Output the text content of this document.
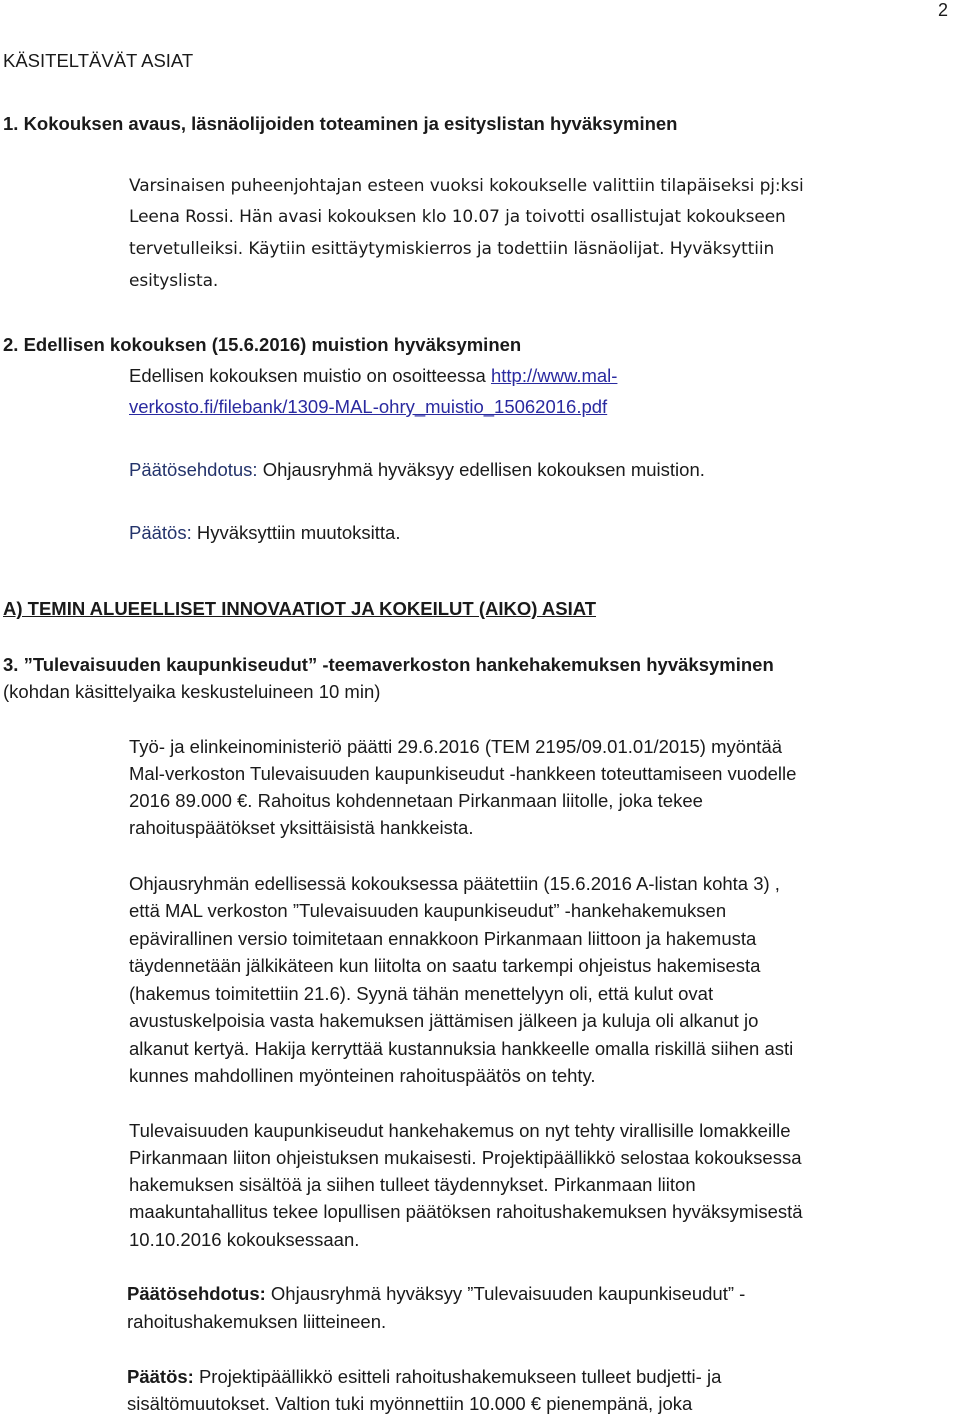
2
KÄSITELTÄVÄT ASIAT
1. Kokouksen avaus, läsnäolijoiden toteaminen ja esityslistan hyväksyminen
Varsinaisen puheenjohtajan esteen vuoksi kokoukselle valittiin tilapäiseksi pj:ksi
Leena Rossi. Hän avasi kokouksen klo 10.07 ja toivotti osallistujat kokoukseen
tervetulleiksi. Käytiin esittäytymiskierros ja todettiin läsnäolijat. Hyväksyttiin
esityslista.
2. Edellisen kokouksen (15.6.2016) muistion hyväksyminen
Edellisen kokouksen muistio on osoitteessa http://www.mal-
verkosto.fi/filebank/1309-MAL-ohry_muistio_15062016.pdf
Päätösehdotus: Ohjausryhmä hyväksyy edellisen kokouksen muistion.
Päätös: Hyväksyttiin muutoksitta.
A) TEMIN ALUEELLISET INNOVAATIOT JA KOKEILUT (AIKO) ASIAT
3. ”Tulevaisuuden kaupunkiseudut” -teemaverkoston hankehakemuksen hyväksyminen
(kohdan käsittelyaika keskusteluineen 10 min)
Työ- ja elinkeinoministeriö päätti 29.6.2016 (TEM 2195/09.01.01/2015) myöntää
Mal-verkoston Tulevaisuuden kaupunkiseudut -hankkeen toteuttamiseen vuodelle
2016 89.000 €. Rahoitus kohdennetaan Pirkanmaan liitolle, joka tekee
rahoituspäätökset yksittäisistä hankkeista.
Ohjausryhmän edellisessä kokouksessa päätettiin (15.6.2016 A-listan kohta 3) ,
että MAL verkoston ”Tulevaisuuden kaupunkiseudut” -hankehakemuksen
epävirallinen versio toimitetaan ennakkoon Pirkanmaan liittoon ja hakemusta
täydennetään jälkikäteen kun liitolta on saatu tarkempi ohjeistus hakemisesta
(hakemus toimitettiin 21.6). Syynä tähän menettelyyn oli, että kulut ovat
avustuskelpoisia vasta hakemuksen jättämisen jälkeen ja kuluja oli alkanut jo
alkanut kertyä. Hakija kerryttää kustannuksia hankkeelle omalla riskillä siihen asti
kunnes mahdollinen myönteinen rahoituspäätös on tehty.
Tulevaisuuden kaupunkiseudut hankehakemus on nyt tehty virallisille lomakkeille
Pirkanmaan liiton ohjeistuksen mukaisesti. Projektipäällikkö selostaa kokouksessa
hakemuksen sisältöä ja siihen tulleet täydennykset. Pirkanmaan liiton
maakuntahallitus tekee lopullisen päätöksen rahoitushakemuksen hyväksymisestä
10.10.2016 kokouksessaan.
Päätösehdotus: Ohjausryhmä hyväksyy ”Tulevaisuuden kaupunkiseudut” -
rahoitushakemuksen liitteineen.
Päätös: Projektipäällikkö esitteli rahoitushakemukseen tulleet budjetti- ja
sisältömuutokset. Valtion tuki myönnettiin 10.000 € pienempänä, joka
